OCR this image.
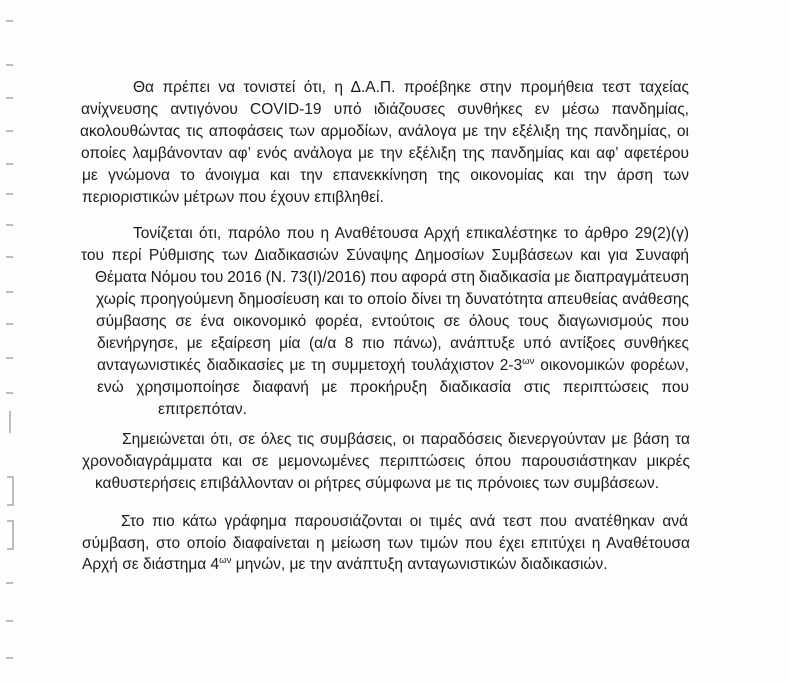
Θα πρέπει να τονιστεί ότι, η Δ.Α.Π. προέβηκε στην προμήθεια τεστ ταχείας
ανίχνευσης αντιγόνου COVID-19 υπό ιδιάζουσες συνθήκες εν μέσω πανδημίας,
ακολουθώντας τις αποφάσεις των αρμοδίων, ανάλογα με την εξέλιξη της πανδημίας, οι
οποίες λαμβάνονταν αφ’ ενός ανάλογα με την εξέλιξη της πανδημίας και αφ’ αφετέρου
με γνώμονα το άνοιγμα και την επανεκκίνηση της οικονομίας και την άρση των
περιοριστικών μέτρων που έχουν επιβληθεί.
Τονίζεται ότι, παρόλο που η Αναθέτουσα Αρχή επικαλέστηκε το άρθρο 29(2)(γ)
του περί Ρύθμισης των Διαδικασιών Σύναψης Δημοσίων Συμβάσεων και για Συναφή
Θέματα Νόμου του 2016 (Ν. 73(Ι)/2016) που αφορά στη διαδικασία με διαπραγμάτευση
χωρίς προηγούμενη δημοσίευση και το οποίο δίνει τη δυνατότητα απευθείας ανάθεσης
σύμβασης σε ένα οικονομικό φορέα, εντούτοις σε όλους τους διαγωνισμούς που
διενήργησε, με εξαίρεση μία (α/α 8 πιο πάνω), ανάπτυξε υπό αντίξοες συνθήκες
ανταγωνιστικές διαδικασίες με τη συμμετοχή τουλάχιστον $2-3^{\omega\nu}$ οικονομικών φορέων,
ενώ χρησιμοποίησε διαφανή με προκήρυξη διαδικασία στις περιπτώσεις που
επιτρεπόταν.
Σημειώνεται ότι, σε όλες τις συμβάσεις, οι παραδόσεις διενεργούνταν με βάση τα
χρονοδιαγράμματα και σε μεμονωμένες περιπτώσεις όπου παρουσιάστηκαν μικρές
καθυστερήσεις επιβάλλονταν οι ρήτρες σύμφωνα με τις πρόνοιες των συμβάσεων.
Στο πιο κάτω γράφημα παρουσιάζονται οι τιμές ανά τεστ που ανατέθηκαν ανά
σύμβαση, στο οποίο διαφαίνεται η μείωση των τιμών που έχει επιτύχει η Αναθέτουσα
Αρχή σε διάστημα $4^{\omega\nu}$ μηνών, με την ανάπτυξη ανταγωνιστικών διαδικασιών.
